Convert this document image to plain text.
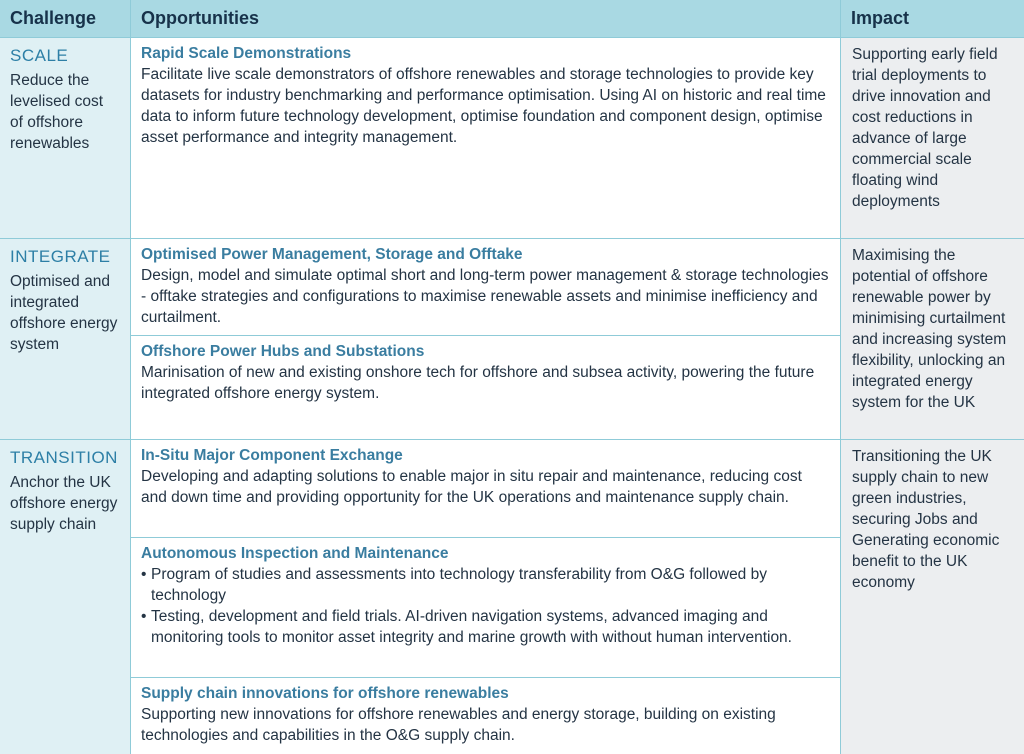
Challenge	Opportunities	Impact
SCALE
Reduce the levelised cost of offshore renewables
Rapid Scale Demonstrations
Facilitate live scale demonstrators of offshore renewables and storage technologies to provide key datasets for industry benchmarking and performance optimisation. Using AI on historic and real time data to inform future technology development, optimise foundation and component design, optimise asset performance and integrity management.
Supporting early field trial deployments to drive innovation and cost reductions in advance of large commercial scale floating wind deployments
INTEGRATE
Optimised and integrated offshore energy system
Optimised Power Management, Storage and Offtake
Design, model and simulate optimal short and long-term power management & storage technologies - offtake strategies and configurations to maximise renewable assets and minimise inefficiency and curtailment.
Offshore Power Hubs and Substations
Marinisation of new and existing onshore tech for offshore and subsea activity, powering the future integrated offshore energy system.
Maximising the potential of offshore renewable power by minimising curtailment and increasing system flexibility, unlocking an integrated energy system for the UK
TRANSITION
Anchor the UK offshore energy supply chain
In-Situ Major Component Exchange
Developing and adapting solutions to enable major in situ repair and maintenance, reducing cost and down time and providing opportunity for the UK operations and maintenance supply chain.
Autonomous Inspection and Maintenance
• Program of studies and assessments into technology transferability from O&G followed by technology
• Testing, development and field trials. AI-driven navigation systems, advanced imaging and monitoring tools to monitor asset integrity and marine growth with without human intervention.
Supply chain innovations for offshore renewables
Supporting new innovations for offshore renewables and energy storage, building on existing technologies and capabilities in the O&G supply chain.
Transitioning the UK supply chain to new green industries, securing Jobs and Generating economic benefit to the UK economy
